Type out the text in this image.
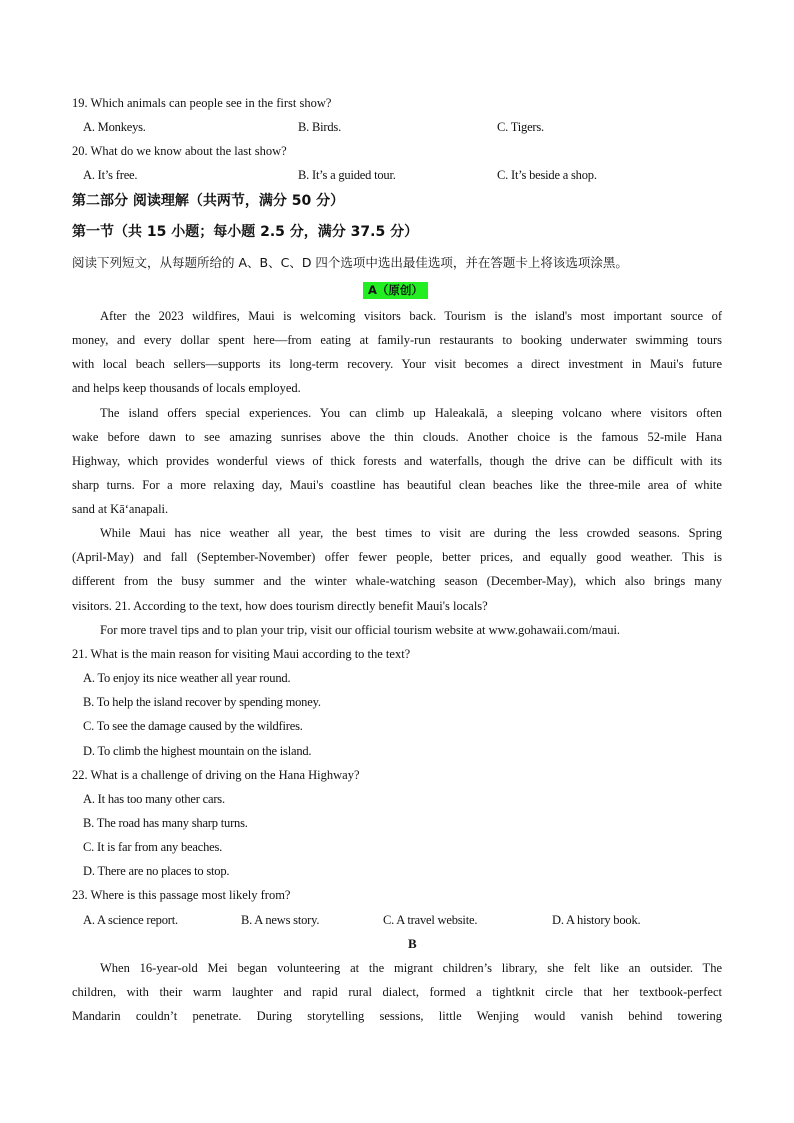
19. Which animals can people see in the first show?
A. Monkeys.	B. Birds.	C. Tigers.
20. What do we know about the last show?
A. It’s free.	B. It’s a guided tour.	C. It’s beside a shop.
第二部分 阅读理解（共两节，满分 50 分）
第一节（共 15 小题；每小题 2.5 分，满分 37.5 分）
阅读下列短文，从每题所给的 A、B、C、D 四个选项中选出最佳选项，并在答题卡上将该选项涂黑。
A（原创）
After the 2023 wildfires, Maui is welcoming visitors back. Tourism is the island's most important source of
money, and every dollar spent here—from eating at family-run restaurants to booking underwater swimming tours
with local beach sellers—supports its long-term recovery. Your visit becomes a direct investment in Maui's future
and helps keep thousands of locals employed.
The island offers special experiences. You can climb up Haleakalā, a sleeping volcano where visitors often
wake before dawn to see amazing sunrises above the thin clouds. Another choice is the famous 52-mile Hana
Highway, which provides wonderful views of thick forests and waterfalls, though the drive can be difficult with its
sharp turns. For a more relaxing day, Maui's coastline has beautiful clean beaches like the three-mile area of white
sand at Kā‘anapali.
While Maui has nice weather all year, the best times to visit are during the less crowded seasons. Spring
(April-May) and fall (September-November) offer fewer people, better prices, and equally good weather. This is
different from the busy summer and the winter whale-watching season (December-May), which also brings many
visitors. 21. According to the text, how does tourism directly benefit Maui's locals?
For more travel tips and to plan your trip, visit our official tourism website at www.gohawaii.com/maui.
21. What is the main reason for visiting Maui according to the text?
A. To enjoy its nice weather all year round.
B. To help the island recover by spending money.
C. To see the damage caused by the wildfires.
D. To climb the highest mountain on the island.
22. What is a challenge of driving on the Hana Highway?
A. It has too many other cars.
B. The road has many sharp turns.
C. It is far from any beaches.
D. There are no places to stop.
23. Where is this passage most likely from?
A. A science report.	B. A news story.	C. A travel website.	D. A history book.
B
When 16-year-old Mei began volunteering at the migrant children’s library, she felt like an outsider. The
children, with their warm laughter and rapid rural dialect, formed a tightknit circle that her textbook-perfect
Mandarin couldn’t penetrate. During storytelling sessions, little Wenjing would vanish behind towering
